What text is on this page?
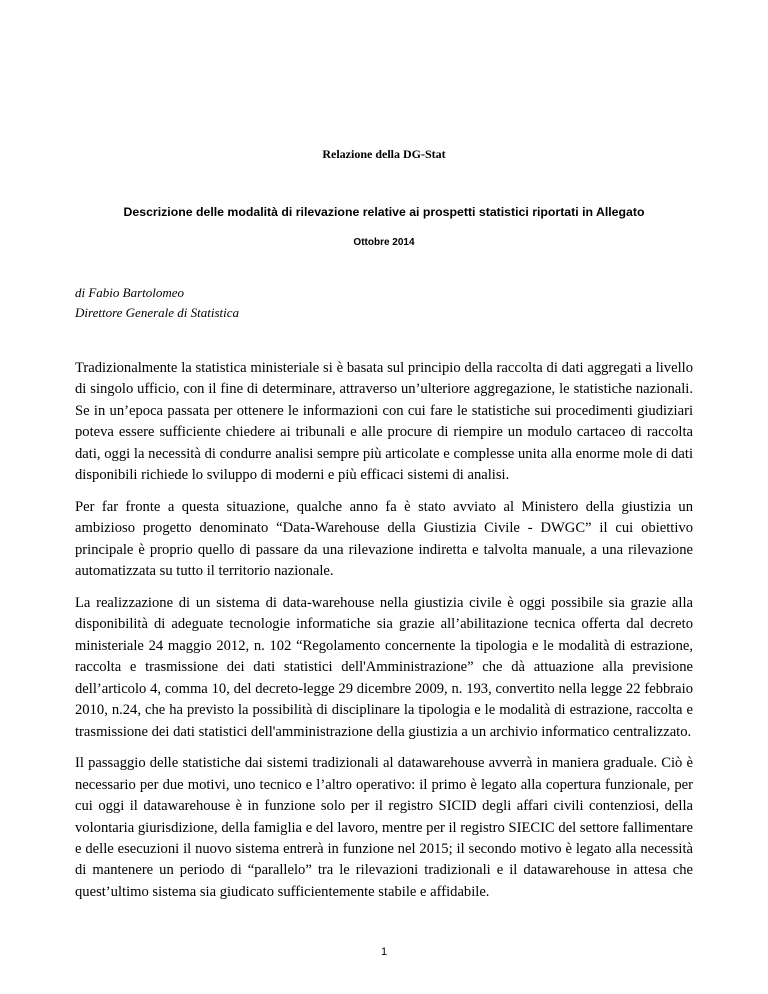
Relazione della DG-Stat
Descrizione delle modalità di rilevazione relative ai prospetti statistici riportati in Allegato
Ottobre 2014
di Fabio Bartolomeo
Direttore Generale di Statistica

Tradizionalmente la statistica ministeriale si è basata sul principio della raccolta di dati aggregati a livello di singolo ufficio, con il fine di determinare, attraverso un’ulteriore aggregazione, le statistiche nazionali. Se in un’epoca passata per ottenere le informazioni con cui fare le statistiche sui procedimenti giudiziari poteva essere sufficiente chiedere ai tribunali e alle procure di riempire un modulo cartaceo di raccolta dati, oggi la necessità di condurre analisi sempre più articolate e complesse unita alla enorme mole di dati disponibili richiede lo sviluppo di moderni e più efficaci sistemi di analisi.

Per far fronte a questa situazione, qualche anno fa è stato avviato al Ministero della giustizia un ambizioso progetto denominato “Data-Warehouse della Giustizia Civile - DWGC” il cui obiettivo principale è proprio quello di passare da una rilevazione indiretta e talvolta manuale, a una rilevazione automatizzata su tutto il territorio nazionale.

La realizzazione di un sistema di data-warehouse nella giustizia civile è oggi possibile sia grazie alla disponibilità di adeguate tecnologie informatiche sia grazie all’abilitazione tecnica offerta dal decreto ministeriale 24 maggio 2012, n. 102 “Regolamento concernente la tipologia e le modalità di estrazione, raccolta e trasmissione dei dati statistici dell'Amministrazione” che dà attuazione alla previsione dell’articolo 4, comma 10, del decreto-legge 29 dicembre 2009, n. 193, convertito nella legge 22 febbraio 2010, n.24, che ha previsto la possibilità di disciplinare la tipologia e le modalità di estrazione, raccolta e trasmissione dei dati statistici dell'amministrazione della giustizia a un archivio informatico centralizzato.

Il passaggio delle statistiche dai sistemi tradizionali al datawarehouse avverrà in maniera graduale. Ciò è necessario per due motivi, uno tecnico e l’altro operativo: il primo è legato alla copertura funzionale, per cui oggi il datawarehouse è in funzione solo per il registro SICID degli affari civili contenziosi, della volontaria giurisdizione, della famiglia e del lavoro, mentre per il registro SIECIC del settore fallimentare e delle esecuzioni il nuovo sistema entrerà in funzione nel 2015; il secondo motivo è legato alla necessità di mantenere un periodo di “parallelo” tra le rilevazioni tradizionali e il datawarehouse in attesa che quest’ultimo sistema sia giudicato sufficientemente stabile e affidabile.

1
